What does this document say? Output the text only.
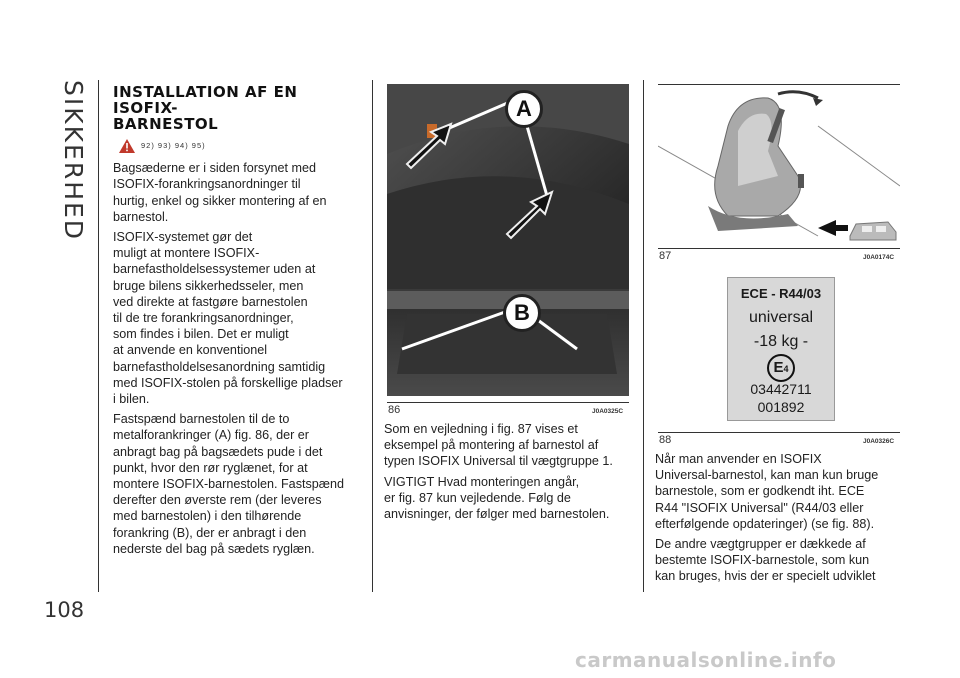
SIKKERHED
108
INSTALLATION AF EN ISOFIX-
BARNESTOL
92) 93) 94) 95)

Bagsæderne er i siden forsynet med
ISOFIX-forankringsanordninger til
hurtig, enkel og sikker montering af en
barnestol.

ISOFIX-systemet gør det
muligt at montere ISOFIX-
barnefastholdelsessystemer uden at
bruge bilens sikkerhedsseler, men
ved direkte at fastgøre barnestolen
til de tre forankringsanordninger,
som findes i bilen. Det er muligt
at anvende en konventionel
barnefastholdelsesanordning samtidig
med ISOFIX-stolen på forskellige pladser
i bilen.

Fastspænd barnestolen til de to
metalforankringer (A) fig. 86, der er
anbragt bag på bagsædets pude i det
punkt, hvor den rør ryglænet, for at
montere ISOFIX-barnestolen. Fastspænd
derefter den øverste rem (der leveres
med barnestolen) i den tilhørende
forankring (B), der er anbragt i den
nederste del bag på sædets ryglæn.

A
B
86	J0A0325C

Som en vejledning i fig. 87 vises et
eksempel på montering af barnestol af
typen ISOFIX Universal til vægtgruppe 1.

VIGTIGT Hvad monteringen angår,
er fig. 87 kun vejledende. Følg de
anvisninger, der følger med barnestolen.

87	J0A0174C
ECE - R44/03
universal
-18 kg -
E4
03442711
001892
88	J0A0326C

Når man anvender en ISOFIX
Universal-barnestol, kan man kun bruge
barnestole, som er godkendt iht. ECE
R44 "ISOFIX Universal" (R44/03 eller
efterfølgende opdateringer) (se fig. 88).

De andre vægtgrupper er dækkede af
bestemte ISOFIX-barnestole, som kun
kan bruges, hvis der er specielt udviklet

carmanualsonline.info
